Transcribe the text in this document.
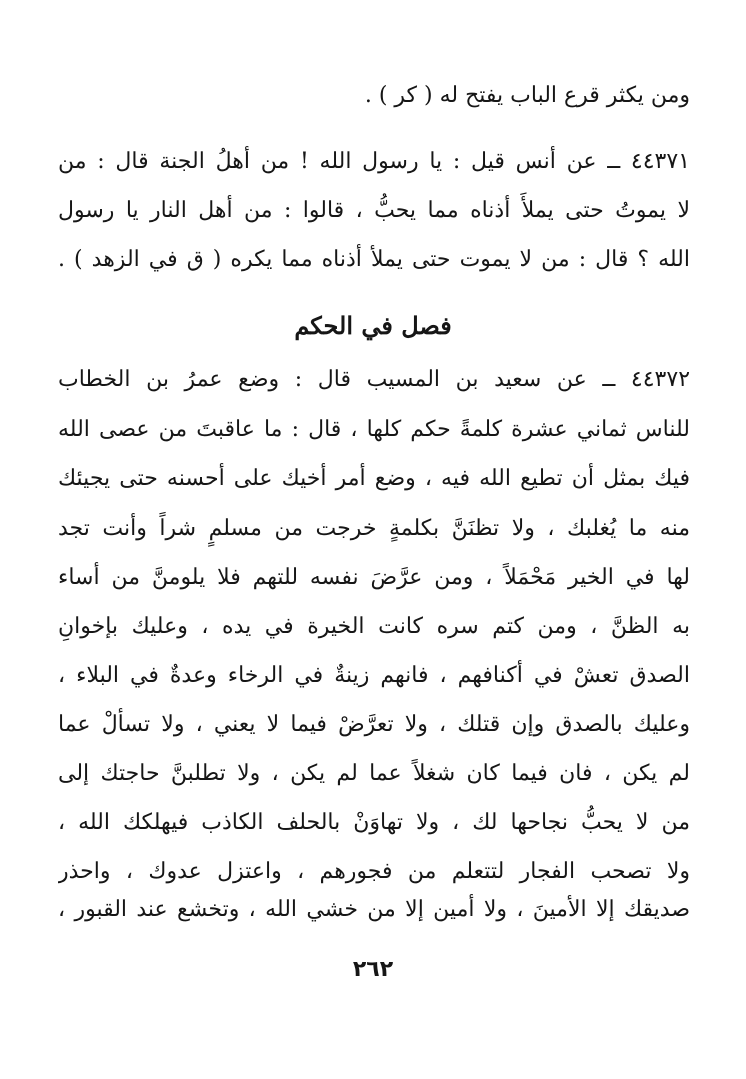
ومن يكثر قرع الباب يفتح له ( كر ) .
٤٤٣٧١ ــ عن أنس قيل : يا رسول الله ! من أهلُ الجنة قال : من
لا يموتُ حتى يملأَ أذناه مما يحبُّ ، قالوا : من أهل النار يا رسول
الله ؟ قال : من لا يموت حتى يملأ أذناه مما يكره ( ق في الزهد ) .
فصل في الحكم
٤٤٣٧٢ ــ عن سعيد بن المسيب قال : وضع عمرُ بن الخطاب
للناس ثماني عشرة كلمةً حكم كلها ، قال : ما عاقبتَ من عصى الله
فيك بمثل أن تطيع الله فيه ، وضع أمر أخيك على أحسنه حتى يجيئك
منه ما يُغلبك ، ولا تظنَنَّ بكلمةٍ خرجت من مسلمٍ شراً وأنت تجد
لها في الخير مَحْمَلاً ، ومن عرَّضَ نفسه للتهم فلا يلومنَّ من أساء
به الظنَّ ، ومن كتم سره كانت الخيرة في يده ، وعليك بإخوانِ
الصدق تعشْ في أكنافهم ، فانهم زينةٌ في الرخاء وعدةٌ في البلاء ،
وعليك بالصدق وإن قتلك ، ولا تعرَّضْ فيما لا يعني ، ولا تسألْ عما
لم يكن ، فان فيما كان شغلاً عما لم يكن ، ولا تطلبنَّ حاجتك إلى
من لا يحبُّ نجاحها لك ، ولا تهاوَنْ بالحلف الكاذب فيهلكك الله ،
ولا تصحب الفجار لتتعلم من فجورهم ، واعتزل عدوك ، واحذر
صديقك إلا الأمينَ ، ولا أمين إلا من خشي الله ، وتخشع عند القبور ،
٢٦٢
